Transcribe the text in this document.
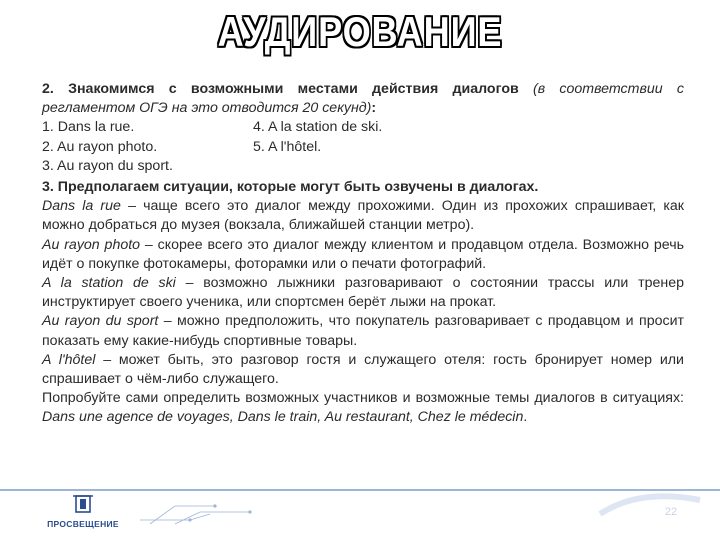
АУДИРОВАНИЕ

2. Знакомимся с возможными местами действия диалогов (в соответствии с регламентом ОГЭ на это отводится 20 секунд):

1. Dans la rue.	4. A la station de ski.
2. Au rayon photo.	5. A l'hôtel.
3. Au rayon du sport.

3. Предполагаем ситуации, которые могут быть озвучены в диалогах.

Dans la rue – чаще всего это диалог между прохожими. Один из прохожих спрашивает, как можно добраться до музея (вокзала, ближайшей станции метро).

Au rayon photo – скорее всего это диалог между клиентом и продавцом отдела. Возможно речь идёт о покупке фотокамеры, фоторамки или о печати фотографий.

A la station de ski – возможно лыжники разговаривают о состоянии трассы или тренер инструктирует своего ученика, или спортсмен берёт лыжи на прокат.

Au rayon du sport – можно предположить, что покупатель разговаривает с продавцом и просит показать ему какие-нибудь спортивные товары.

A l'hôtel – может быть, это разговор гостя и служащего отеля: гость бронирует номер или спрашивает о чём-либо служащего.

Попробуйте сами определить возможных участников и возможные темы диалогов в ситуациях: Dans une agence de voyages, Dans le train, Au restaurant, Chez le médecin.

ПРОСВЕЩЕНИЕ
22
